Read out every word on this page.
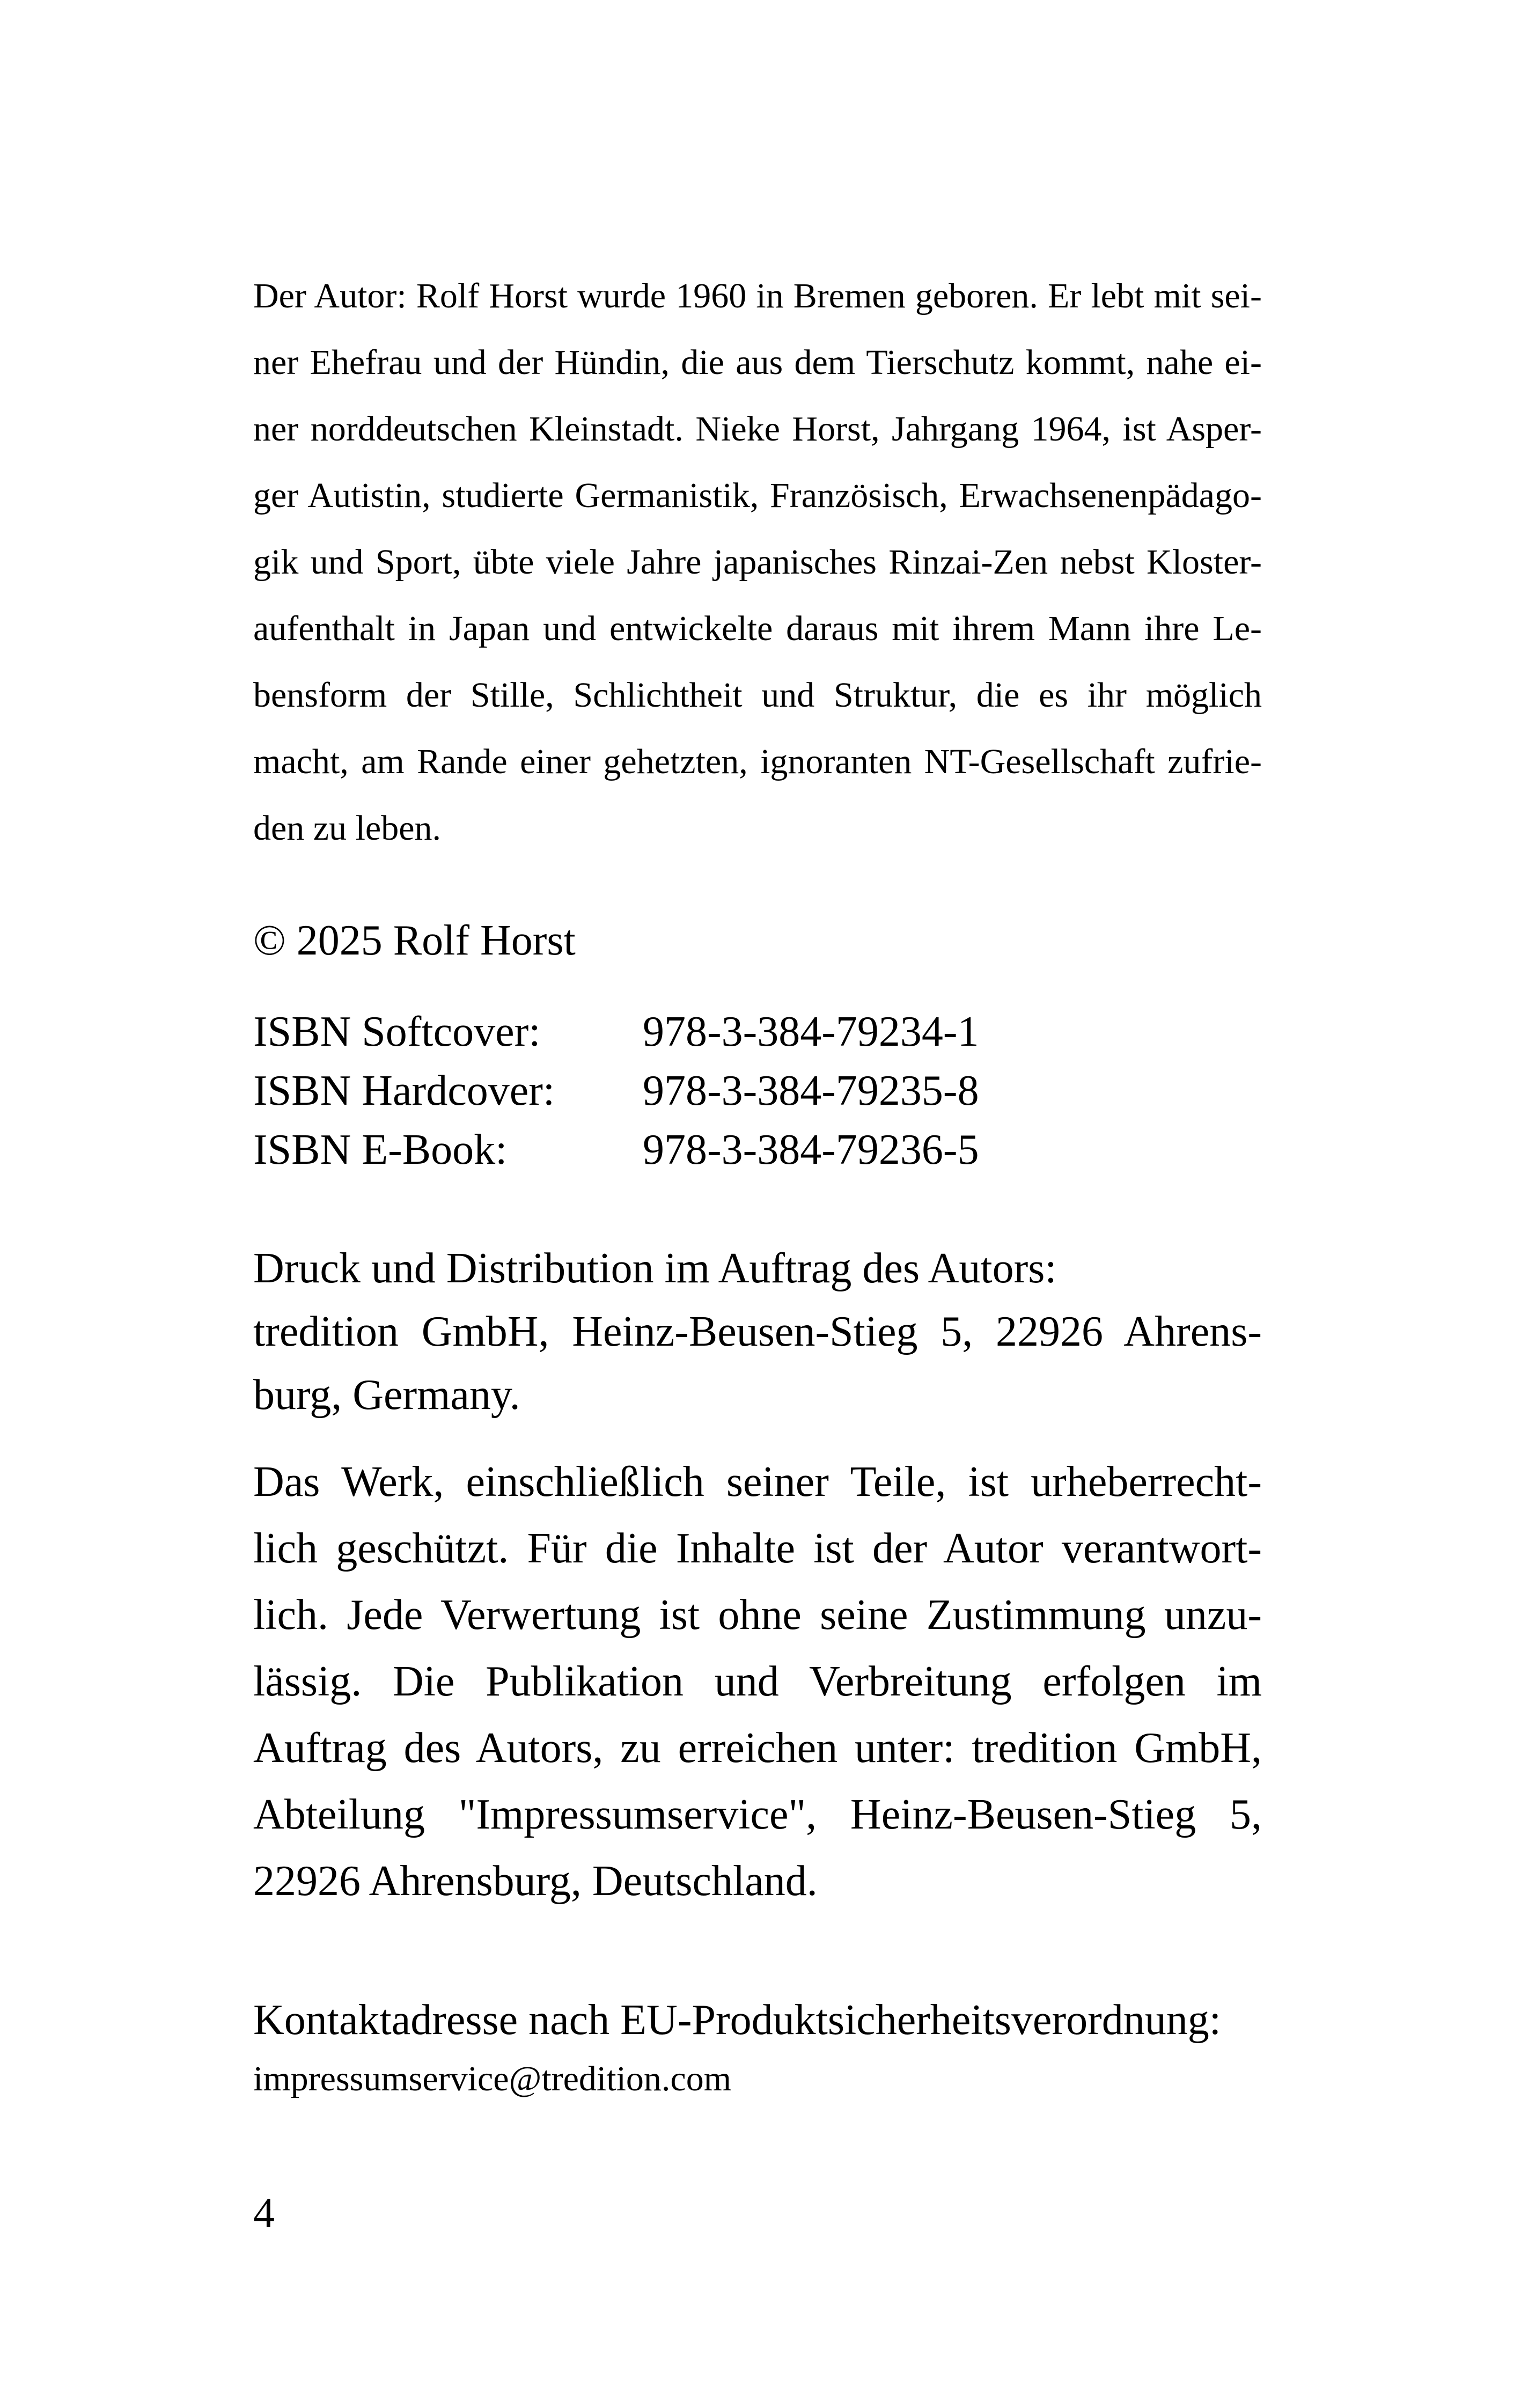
Der Autor: Rolf Horst wurde 1960 in Bremen geboren. Er lebt mit sei-
ner Ehefrau und der Hündin, die aus dem Tierschutz kommt, nahe ei-
ner norddeutschen Kleinstadt. Nieke Horst, Jahrgang 1964, ist Asper-
ger Autistin, studierte Germanistik, Französisch, Erwachsenenpädago-
gik und Sport, übte viele Jahre japanisches Rinzai-Zen nebst Kloster-
aufenthalt in Japan und entwickelte daraus mit ihrem Mann ihre Le-
bensform der Stille, Schlichtheit und Struktur, die es ihr möglich
macht, am Rande einer gehetzten, ignoranten NT-Gesellschaft zufrie-
den zu leben.
© 2025 Rolf Horst
ISBN Softcover: 978-3-384-79234-1
ISBN Hardcover: 978-3-384-79235-8
ISBN E-Book:	978-3-384-79236-5
Druck und Distribution im Auftrag des Autors:
tredition GmbH, Heinz-Beusen-Stieg 5, 22926 Ahrens-
burg, Germany.
Das Werk, einschließlich seiner Teile, ist urheberrecht-
lich geschützt. Für die Inhalte ist der Autor verantwort-
lich. Jede Verwertung ist ohne seine Zustimmung unzu-
lässig. Die Publikation und Verbreitung erfolgen im
Auftrag des Autors, zu erreichen unter: tredition GmbH,
Abteilung "Impressumservice", Heinz-Beusen-Stieg 5,
22926 Ahrensburg, Deutschland.
Kontaktadresse nach EU-Produktsicherheitsverordnung:
impressumservice@tredition.com
4
